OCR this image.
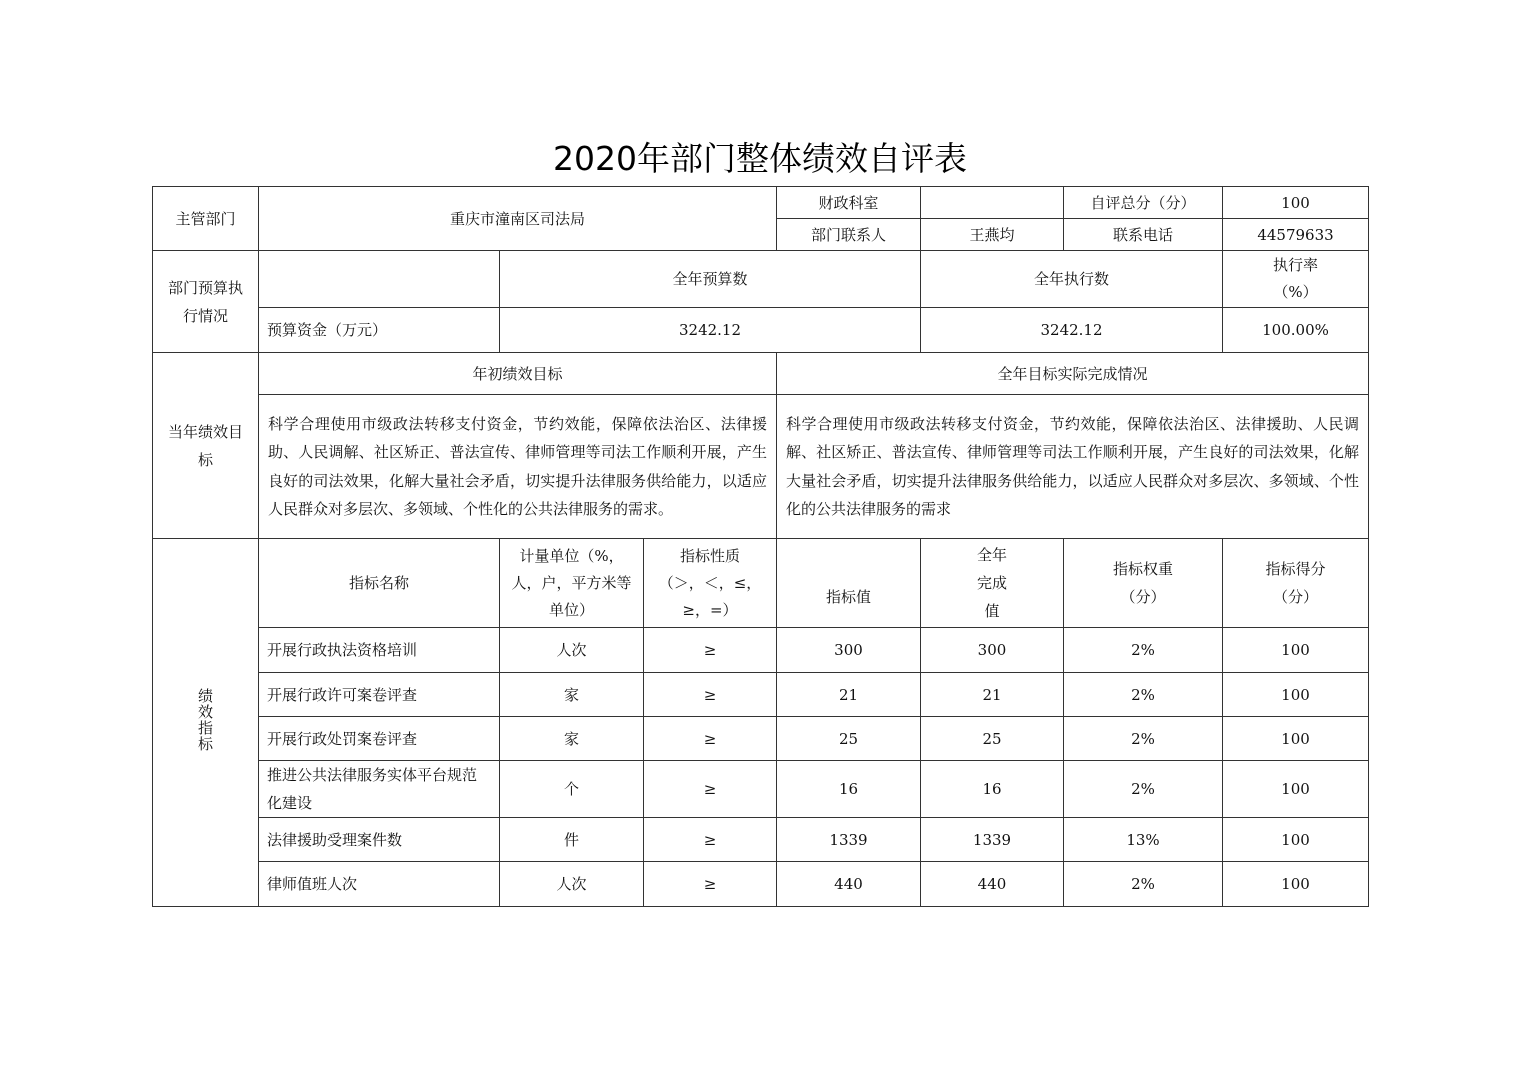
2020年部门整体绩效自评表
主管部门	重庆市潼南区司法局			财政科室		自评总分（分）	100
				部门联系人	王燕均	联系电话	44579633

部门预算执行情况		全年预算数			全年执行数		执行率（%）

	预算资金（万元）	3242.12			3242.12		100.00%

当年绩效目标	年初绩效目标			全年目标实际完成情况			
	科学合理使用市级政法转移支付资金，节约效能，保障依法治区、法律援助、人民调解、社区矫正、普法宣传、律师管理等司法工作顺利开展，产生良好的司法效果，化解大量社会矛盾，切实提升法律服务供给能力，以适应人民群众对多层次、多领域、个性化的公共法律服务的需求。			科学合理使用市级政法转移支付资金，节约效能，保障依法治区、法律援助、人民调解、社区矫正、普法宣传、律师管理等司法工作顺利开展，产生良好的司法效果，化解大量社会矛盾，切实提升法律服务供给能力，以适应人民群众对多层次、多领域、个性化的公共法律服务的需求			
绩效指标	指标名称	计量单位（%，人，户，平方米等单位）	指标性质（＞，＜，≤，≥，=）	指标值	全年完成值	指标权重（分）	指标得分（分）

	开展行政执法资格培训	人次	≥	300	300	2%	100
	开展行政许可案卷评查	家	≥	21	21	2%	100
	开展行政处罚案卷评查	家	≥	25	25	2%	100
	推进公共法律服务实体平台规范化建设	个	≥	16	16	2%	100
	法律援助受理案件数	件	≥	1339	1339	13%	100
	律师值班人次	人次	≥	440	440	2%	100
